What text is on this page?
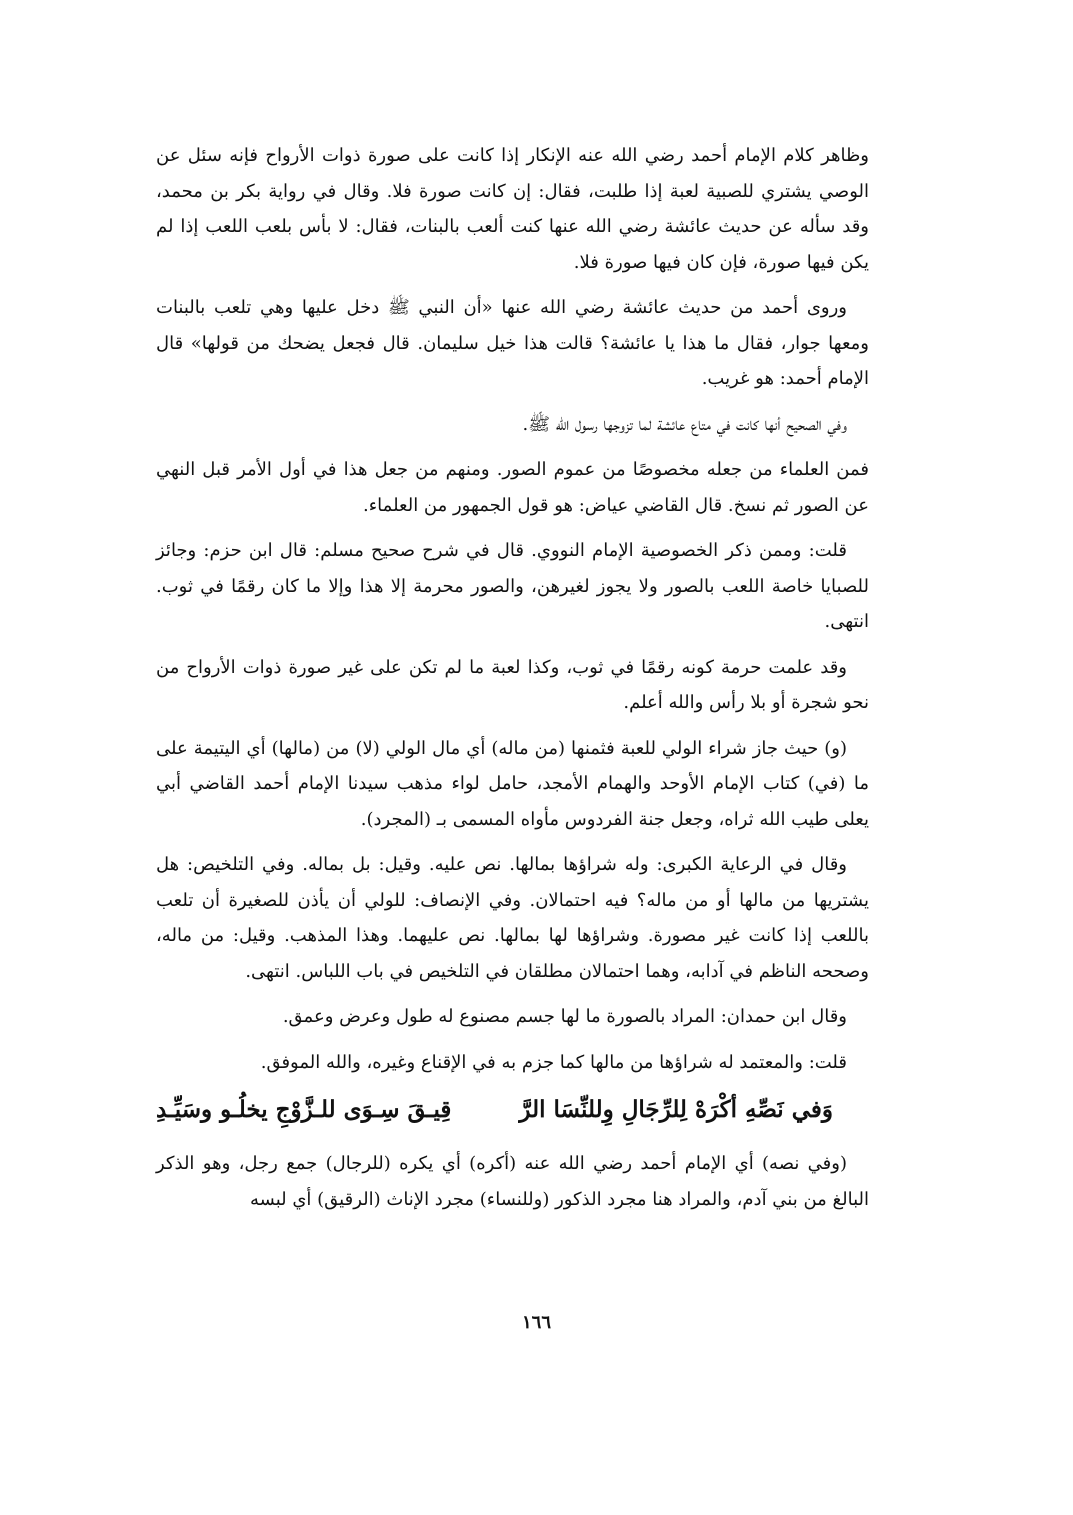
وظاهر كلام الإمام أحمد رضي الله عنه الإنكار إذا كانت على صورة ذوات الأرواح فإنه سئل عن الوصي يشتري للصبية لعبة إذا طلبت، فقال: إن كانت صورة فلا. وقال في رواية بكر بن محمد، وقد سأله عن حديث عائشة رضي الله عنها كنت ألعب بالبنات، فقال: لا بأس بلعب اللعب إذا لم يكن فيها صورة، فإن كان فيها صورة فلا.

وروى أحمد من حديث عائشة رضي الله عنها «أن النبي ﷺ دخل عليها وهي تلعب بالبنات ومعها جوار، فقال ما هذا يا عائشة؟ قالت هذا خيل سليمان. قال فجعل يضحك من قولها» قال الإمام أحمد: هو غريب.

وفي الصحيح أنها كانت في متاع عائشة لما تزوجها رسول الله ﷺ.

فمن العلماء من جعله مخصوصًا من عموم الصور. ومنهم من جعل هذا في أول الأمر قبل النهي عن الصور ثم نسخ. قال القاضي عياض: هو قول الجمهور من العلماء.

قلت: وممن ذكر الخصوصية الإمام النووي. قال في شرح صحيح مسلم: قال ابن حزم: وجائز للصبايا خاصة اللعب بالصور ولا يجوز لغيرهن، والصور محرمة إلا هذا وإلا ما كان رقمًا في ثوب. انتهى.

وقد علمت حرمة كونه رقمًا في ثوب، وكذا لعبة ما لم تكن على غير صورة ذوات الأرواح من نحو شجرة أو بلا رأس والله أعلم.

(و) حيث جاز شراء الولي للعبة فثمنها (من ماله) أي مال الولي (لا) من (مالها) أي اليتيمة على ما (في) كتاب الإمام الأوحد والهمام الأمجد، حامل لواء مذهب سيدنا الإمام أحمد القاضي أبي يعلى طيب الله ثراه، وجعل جنة الفردوس مأواه المسمى بـ (المجرد).

وقال في الرعاية الكبرى: وله شراؤها بمالها. نص عليه. وقيل: بل بماله. وفي التلخيص: هل يشتريها من مالها أو من ماله؟ فيه احتمالان. وفي الإنصاف: للولي أن يأذن للصغيرة أن تلعب باللعب إذا كانت غير مصورة. وشراؤها لها بمالها. نص عليهما. وهذا المذهب. وقيل: من ماله، وصححه الناظم في آدابه، وهما احتمالان مطلقان في التلخيص في باب اللباس. انتهى.

وقال ابن حمدان: المراد بالصورة ما لها جسم مصنوع له طول وعرض وعمق.

قلت: والمعتمد له شراؤها من مالها كما جزم به في الإقناع وغيره، والله الموفق.

وَفي نَصِّهِ أكْرَهْ لِلرِّجَالِ وِللنِّسَا الرَّ
قِيـقَ سِـوَى للـزَّوْجِ يخلُـو وسَيِّـدِ

(وفي نصه) أي الإمام أحمد رضي الله عنه (أكره) أي يكره (للرجال) جمع رجل، وهو الذكر البالغ من بني آدم، والمراد هنا مجرد الذكور (وللنساء) مجرد الإناث (الرقيق) أي لبسه

١٦٦
